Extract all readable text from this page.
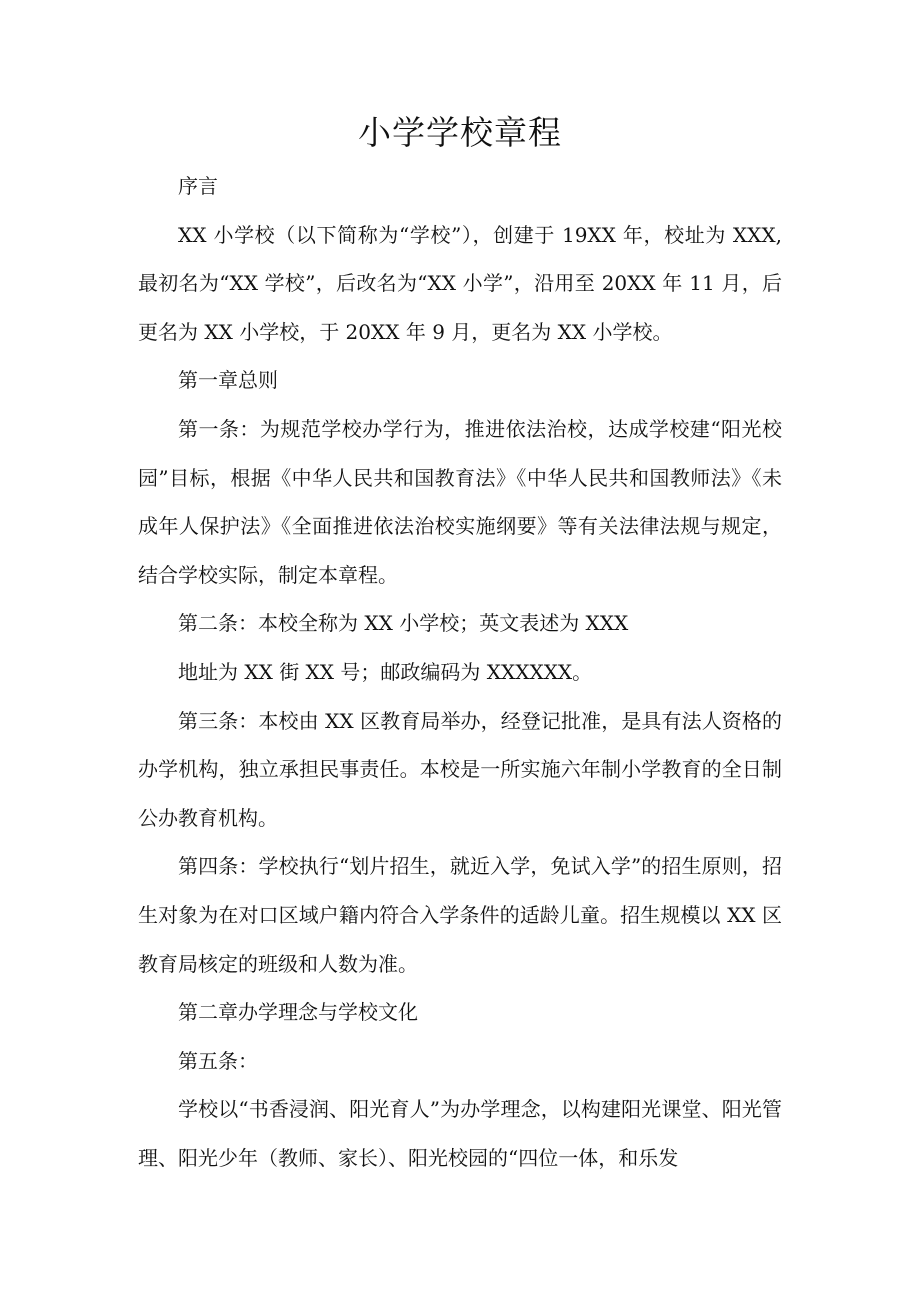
小学学校章程

序言

XX 小学校（以下简称为“学校”），创建于 19XX 年，校址为 XXX,最初名为“XX 学校”，后改名为“XX 小学”，沿用至 20XX 年 11 月，后更名为 XX 小学校，于 20XX 年 9 月，更名为 XX 小学校。

第一章总则

第一条：为规范学校办学行为，推进依法治校，达成学校建“阳光校园”目标，根据《中华人民共和国教育法》《中华人民共和国教师法》《未成年人保护法》《全面推进依法治校实施纲要》等有关法律法规与规定，结合学校实际，制定本章程。

第二条：本校全称为 XX 小学校；英文表述为 XXX

地址为 XX 街 XX 号；邮政编码为 XXXXXX。

第三条：本校由 XX 区教育局举办，经登记批准，是具有法人资格的办学机构，独立承担民事责任。本校是一所实施六年制小学教育的全日制公办教育机构。

第四条：学校执行“划片招生，就近入学，免试入学”的招生原则，招生对象为在对口区域户籍内符合入学条件的适龄儿童。招生规模以 XX 区教育局核定的班级和人数为准。

第二章办学理念与学校文化

第五条：

学校以“书香浸润、阳光育人”为办学理念，以构建阳光课堂、阳光管理、阳光少年（教师、家长）、阳光校园的“四位一体，和乐发
